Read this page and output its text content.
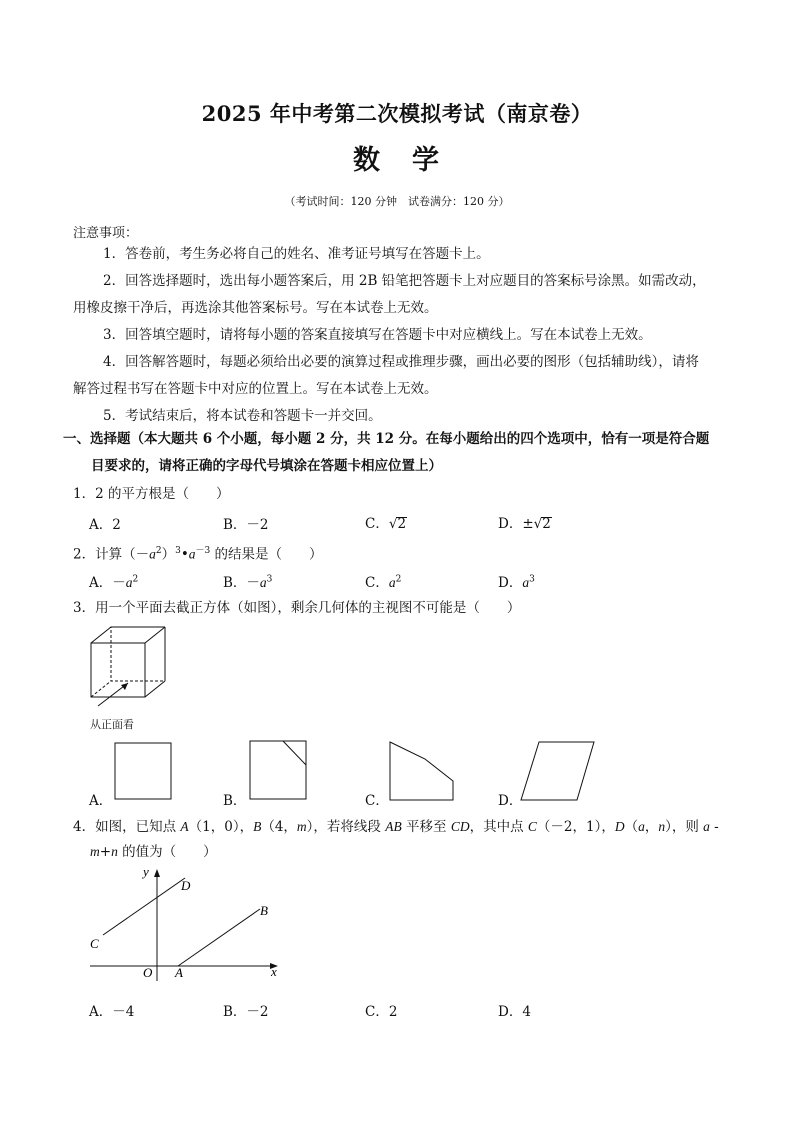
2025 年中考第二次模拟考试（南京卷）
数 学
（考试时间：120 分钟　试卷满分：120 分）
注意事项：
1．答卷前，考生务必将自己的姓名、准考证号填写在答题卡上。
2．回答选择题时，选出每小题答案后，用 2B 铅笔把答题卡上对应题目的答案标号涂黑。如需改动，
用橡皮擦干净后，再选涂其他答案标号。写在本试卷上无效。
3．回答填空题时，请将每小题的答案直接填写在答题卡中对应横线上。写在本试卷上无效。
4．回答解答题时，每题必须给出必要的演算过程或推理步骤，画出必要的图形（包括辅助线），请将
解答过程书写在答题卡中对应的位置上。写在本试卷上无效。
5．考试结束后，将本试卷和答题卡一并交回。
一、选择题（本大题共 6 个小题，每小题 2 分，共 12 分。在每小题给出的四个选项中，恰有一项是符合题
目要求的，请将正确的字母代号填涂在答题卡相应位置上）
1．2 的平方根是（　　）
A．2	B．－2	C．√2	D．±√2
2．计算$(-a^2)^3•a^{-3}$ 的结果是（　　）
A．$-a^2$	B．$-a^3$	C．$a^2$	D．$a^3$
3．用一个平面去截正方体（如图），剩余几何体的主视图不可能是（　　）
从正面看
A．	B．	C．	D．
4．如图，已知点 A（1，0），B（4，m），若将线段 AB 平移至 CD，其中点 C（－2，1），D（a，n），则 a -
m+n 的值为（　　）
y
x
O A
B
C
D
A．－4	B．－2	C．2	D．4
